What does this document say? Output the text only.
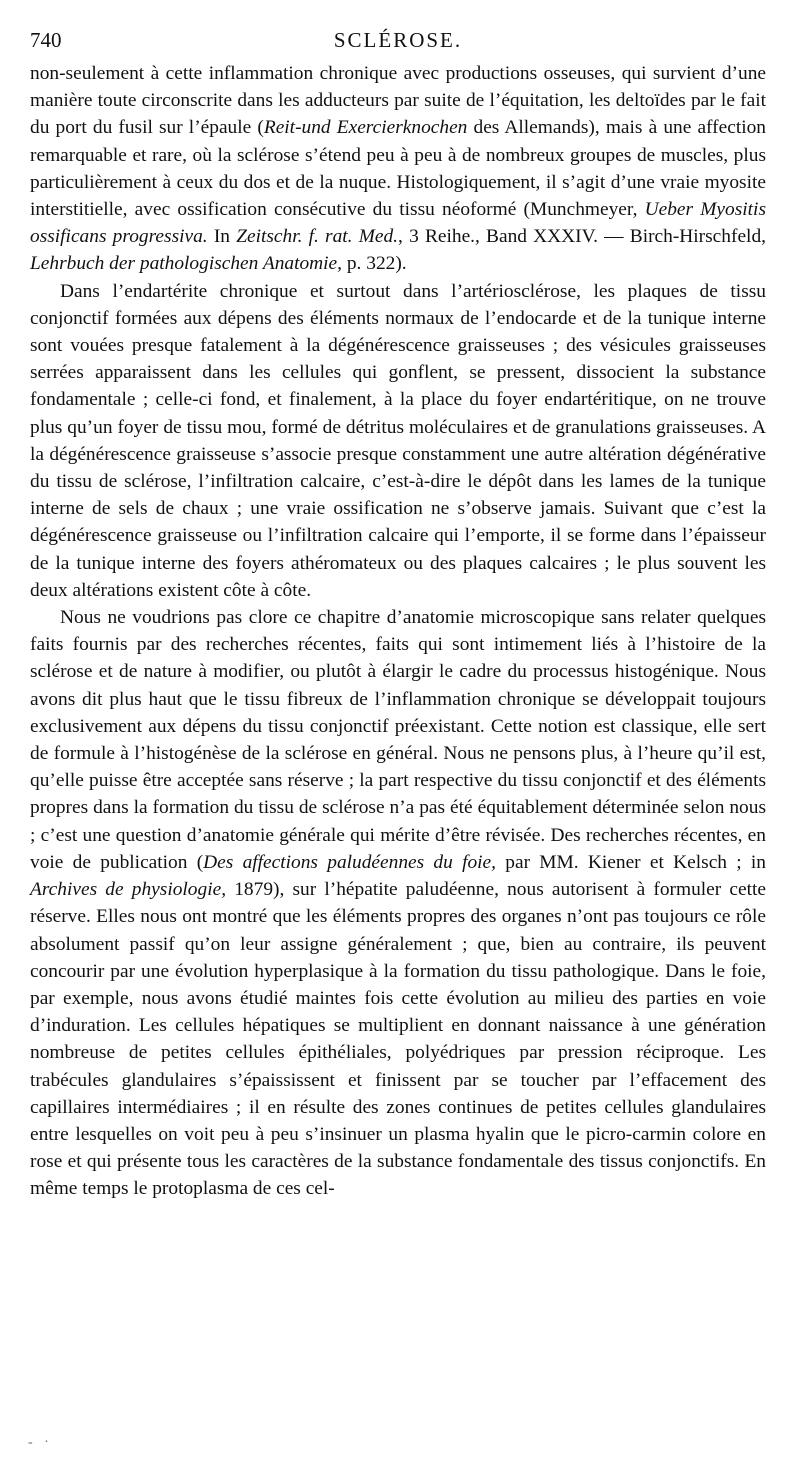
740	SCLÉROSE.

non-seulement à cette inflammation chronique avec productions osseuses, qui survient d’une manière toute circonscrite dans les adducteurs par suite de l’équitation, les deltoïdes par le fait du port du fusil sur l’épaule (Reit-und Exercierknochen des Allemands), mais à une affection remarquable et rare, où la sclérose s’étend peu à peu à de nombreux groupes de muscles, plus particulièrement à ceux du dos et de la nuque. Histologiquement, il s’agit d’une vraie myosite interstitielle, avec ossification consécutive du tissu néoformé (Munchmeyer, Ueber Myositis ossificans progressiva. In Zeitschr. f. rat. Med., 3 Reihe., Band XXXIV. — Birch-Hirschfeld, Lehrbuch der pathologischen Anatomie, p. 322).

Dans l’endartérite chronique et surtout dans l’artériosclérose, les plaques de tissu conjonctif formées aux dépens des éléments normaux de l’endocarde et de la tunique interne sont vouées presque fatalement à la dégénérescence graisseuses ; des vésicules graisseuses serrées apparaissent dans les cellules qui gonflent, se pressent, dissocient la substance fondamentale ; celle-ci fond, et finalement, à la place du foyer endartéritique, on ne trouve plus qu’un foyer de tissu mou, formé de détritus moléculaires et de granulations graisseuses. A la dégénérescence graisseuse s’associe presque constamment une autre altération dégénérative du tissu de sclérose, l’infiltration calcaire, c’est-à-dire le dépôt dans les lames de la tunique interne de sels de chaux ; une vraie ossification ne s’observe jamais. Suivant que c’est la dégénérescence graisseuse ou l’infiltration calcaire qui l’emporte, il se forme dans l’épaisseur de la tunique interne des foyers athéromateux ou des plaques calcaires ; le plus souvent les deux altérations existent côte à côte.

Nous ne voudrions pas clore ce chapitre d’anatomie microscopique sans relater quelques faits fournis par des recherches récentes, faits qui sont intimement liés à l’histoire de la sclérose et de nature à modifier, ou plutôt à élargir le cadre du processus histogénique. Nous avons dit plus haut que le tissu fibreux de l’inflammation chronique se développait toujours exclusivement aux dépens du tissu conjonctif préexistant. Cette notion est classique, elle sert de formule à l’histogénèse de la sclérose en général. Nous ne pensons plus, à l’heure qu’il est, qu’elle puisse être acceptée sans réserve ; la part respective du tissu conjonctif et des éléments propres dans la formation du tissu de sclérose n’a pas été équitablement déterminée selon nous ; c’est une question d’anatomie générale qui mérite d’être révisée. Des recherches récentes, en voie de publication (Des affections paludéennes du foie, par MM. Kiener et Kelsch ; in Archives de physiologie, 1879), sur l’hépatite paludéenne, nous autorisent à formuler cette réserve. Elles nous ont montré que les éléments propres des organes n’ont pas toujours ce rôle absolument passif qu’on leur assigne généralement ; que, bien au contraire, ils peuvent concourir par une évolution hyperplasique à la formation du tissu pathologique. Dans le foie, par exemple, nous avons étudié maintes fois cette évolution au milieu des parties en voie d’induration. Les cellules hépatiques se multiplient en donnant naissance à une génération nombreuse de petites cellules épithéliales, polyédriques par pression réciproque. Les trabécules glandulaires s’épaississent et finissent par se toucher par l’effacement des capillaires intermédiaires ; il en résulte des zones continues de petites cellules glandulaires entre lesquelles on voit peu à peu s’insinuer un plasma hyalin que le picro-carmin colore en rose et qui présente tous les caractères de la substance fondamentale des tissus conjonctifs. En même temps le protoplasma de ces cel-

‐ ·
